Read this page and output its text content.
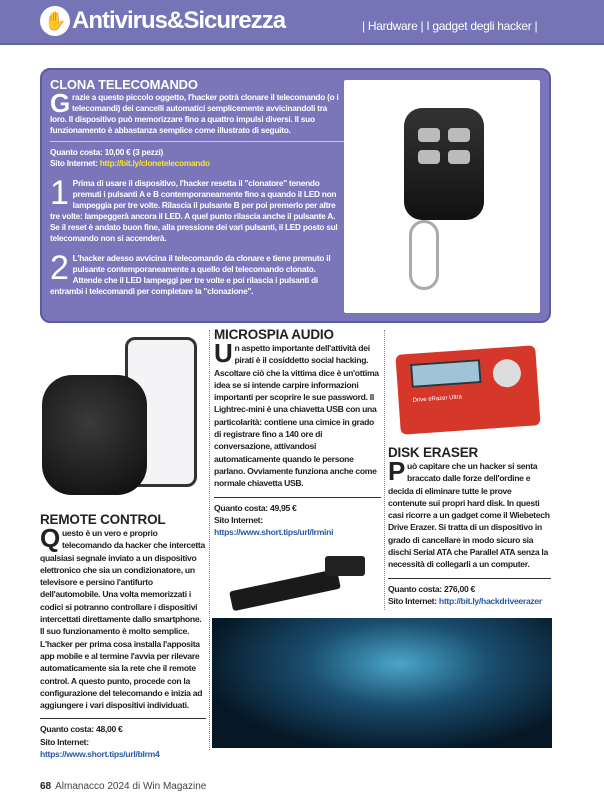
✋ Antivirus&Sicurezza	| Hardware | I gadget degli hacker |
CLONA TELECOMANDO

Grazie a questo piccolo oggetto, l'hacker potrà clonare il telecomando (o i telecomandi) dei cancelli automatici semplicemente avvicinandoli tra loro. Il dispositivo può memorizzare fino a quattro impulsi diversi. Il suo funzionamento è abbastanza semplice come illustrato di seguito.

Quanto costa: 10,00 € (3 pezzi)

Sito Internet: http://bit.ly/clonetelecomando

1 Prima di usare il dispositivo, l'hacker resetta il "clonatore" tenendo premuti i pulsanti A e B contemporaneamente fino a quando il LED non lampeggia per tre volte. Rilascia il pulsante B per poi premerlo per altre tre volte: lampeggerà ancora il LED. A quel punto rilascia anche il pulsante A. Se il reset è andato buon fine, alla pressione dei vari pulsanti, il LED posto sul telecomando non si accenderà.

2 L'hacker adesso avvicina il telecomando da clonare e tiene premuto il pulsante contemporaneamente a quello del telecomando clonato. Attende che il LED lampeggi per tre volte e poi rilascia i pulsanti di entrambi i telecomandi per completare la "clonazione".

REMOTE CONTROL

Questo è un vero e proprio telecomando da hacker che intercetta qualsiasi segnale inviato a un dispositivo elettronico che sia un condizionatore, un televisore e persino l'antifurto dell'automobile. Una volta memorizzati i codici si potranno controllare i dispositivi intercettati direttamente dallo smartphone. Il suo funzionamento è molto semplice. L'hacker per prima cosa installa l'apposita app mobile e al termine l'avvia per rilevare automaticamente sia la rete che il remote control. A questo punto, procede con la configurazione del telecomando e inizia ad aggiungere i vari dispositivi individuati.

Quanto costa: 48,00 €

Sito Internet: https://www.short.tips/url/blrm4

MICROSPIA AUDIO

Un aspetto importante dell'attività dei pirati è il cosiddetto social hacking. Ascoltare ciò che la vittima dice è un'ottima idea se si intende carpire informazioni importanti per scoprire le sue password. Il Lightrec-mini è una chiavetta USB con una particolarità: contiene una cimice in grado di registrare fino a 140 ore di conversazione, attivandosi automaticamente quando le persone parlano. Ovviamente funziona anche come normale chiavetta USB.

Quanto costa: 49,95 €

Sito Internet: https://www.short.tips/url/lrmini

Drive eRazer Ultra
DISK ERASER

Può capitare che un hacker si senta braccato dalle forze dell'ordine e decida di eliminare tutte le prove contenute sui propri hard disk. In questi casi ricorre a un gadget come il Wiebetech Drive Erazer. Si tratta di un dispositivo in grado di cancellare in modo sicuro sia dischi Serial ATA che Parallel ATA senza la necessità di collegarli a un computer.

Quanto costa: 276,00 €

Sito Internet: http://bit.ly/hackdriveerazer

68 Almanacco 2024 di Win Magazine
